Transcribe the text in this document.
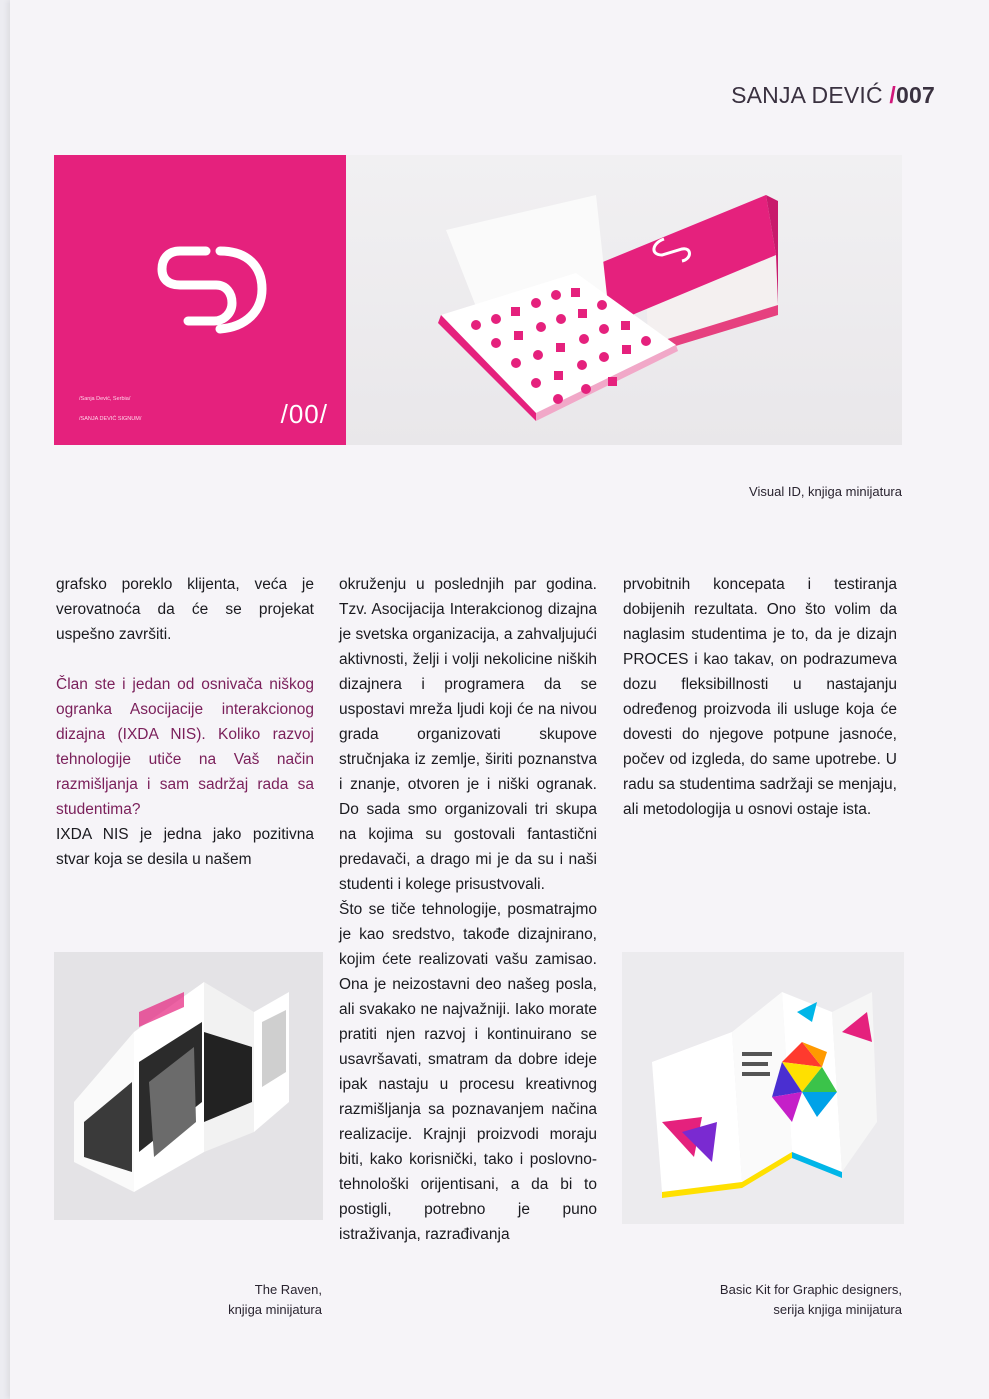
SANJA DEVIĆ /007
/Sanja Dević, Serbia/
/SANJA DEVIĆ SIGNUM/	/00/
Visual ID, knjiga minijatura

grafsko poreklo klijenta, veća je verovatnoća da će se projekat uspešno završiti.

Član ste i jedan od osnivača niškog ogranka Asocijacije interakcionog dizajna (IXDA NIS). Koliko razvoj tehnologije utiče na Vaš način razmišljanja i sam sadržaj rada sa studentima?

IXDA NIS je jedna jako pozitivna stvar koja se desila u našem

okruženju u poslednjih par godina. Tzv. Asocijacija Interakcionog dizajna je svetska organizacija, a zahvaljujući aktivnosti, želji i volji nekolicine niških dizajnera i programera da se uspostavi mreža ljudi koji će na nivou grada organizovati skupove stručnjaka iz zemlje, širiti poznanstva i znanje, otvoren je i niški ogranak. Do sada smo organizovali tri skupa na kojima su gostovali fantastični predavači, a drago mi je da su i naši studenti i kolege prisustvovali.

Što se tiče tehnologije, posmatrajmo je kao sredstvo, takođe dizajnirano, kojim ćete realizovati vašu zamisao. Ona je neizostavni deo našeg posla, ali svakako ne najvažniji. Iako morate pratiti njen razvoj i kontinuirano se usavršavati, smatram da dobre ideje ipak nastaju u procesu kreativnog razmišljanja sa poznavanjem načina realizacije. Krajnji proizvodi moraju biti, kako korisnički, tako i poslovno-tehnološki orijentisani, a da bi to postigli, potrebno je puno istraživanja, razrađivanja

prvobitnih koncepata i testiranja dobijenih rezultata. Ono što volim da naglasim studentima je to, da je dizajn PROCES i kao takav, on podrazumeva dozu fleksibillnosti u nastajanju određenog proizvoda ili usluge koja će dovesti do njegove potpune jasnoće, počev od izgleda, do same upotrebe. U radu sa studentima sadržaji se menjaju, ali metodologija u osnovi ostaje ista.

The Raven,
knjiga minijatura
Basic Kit for Graphic designers,
serija knjiga minijatura
